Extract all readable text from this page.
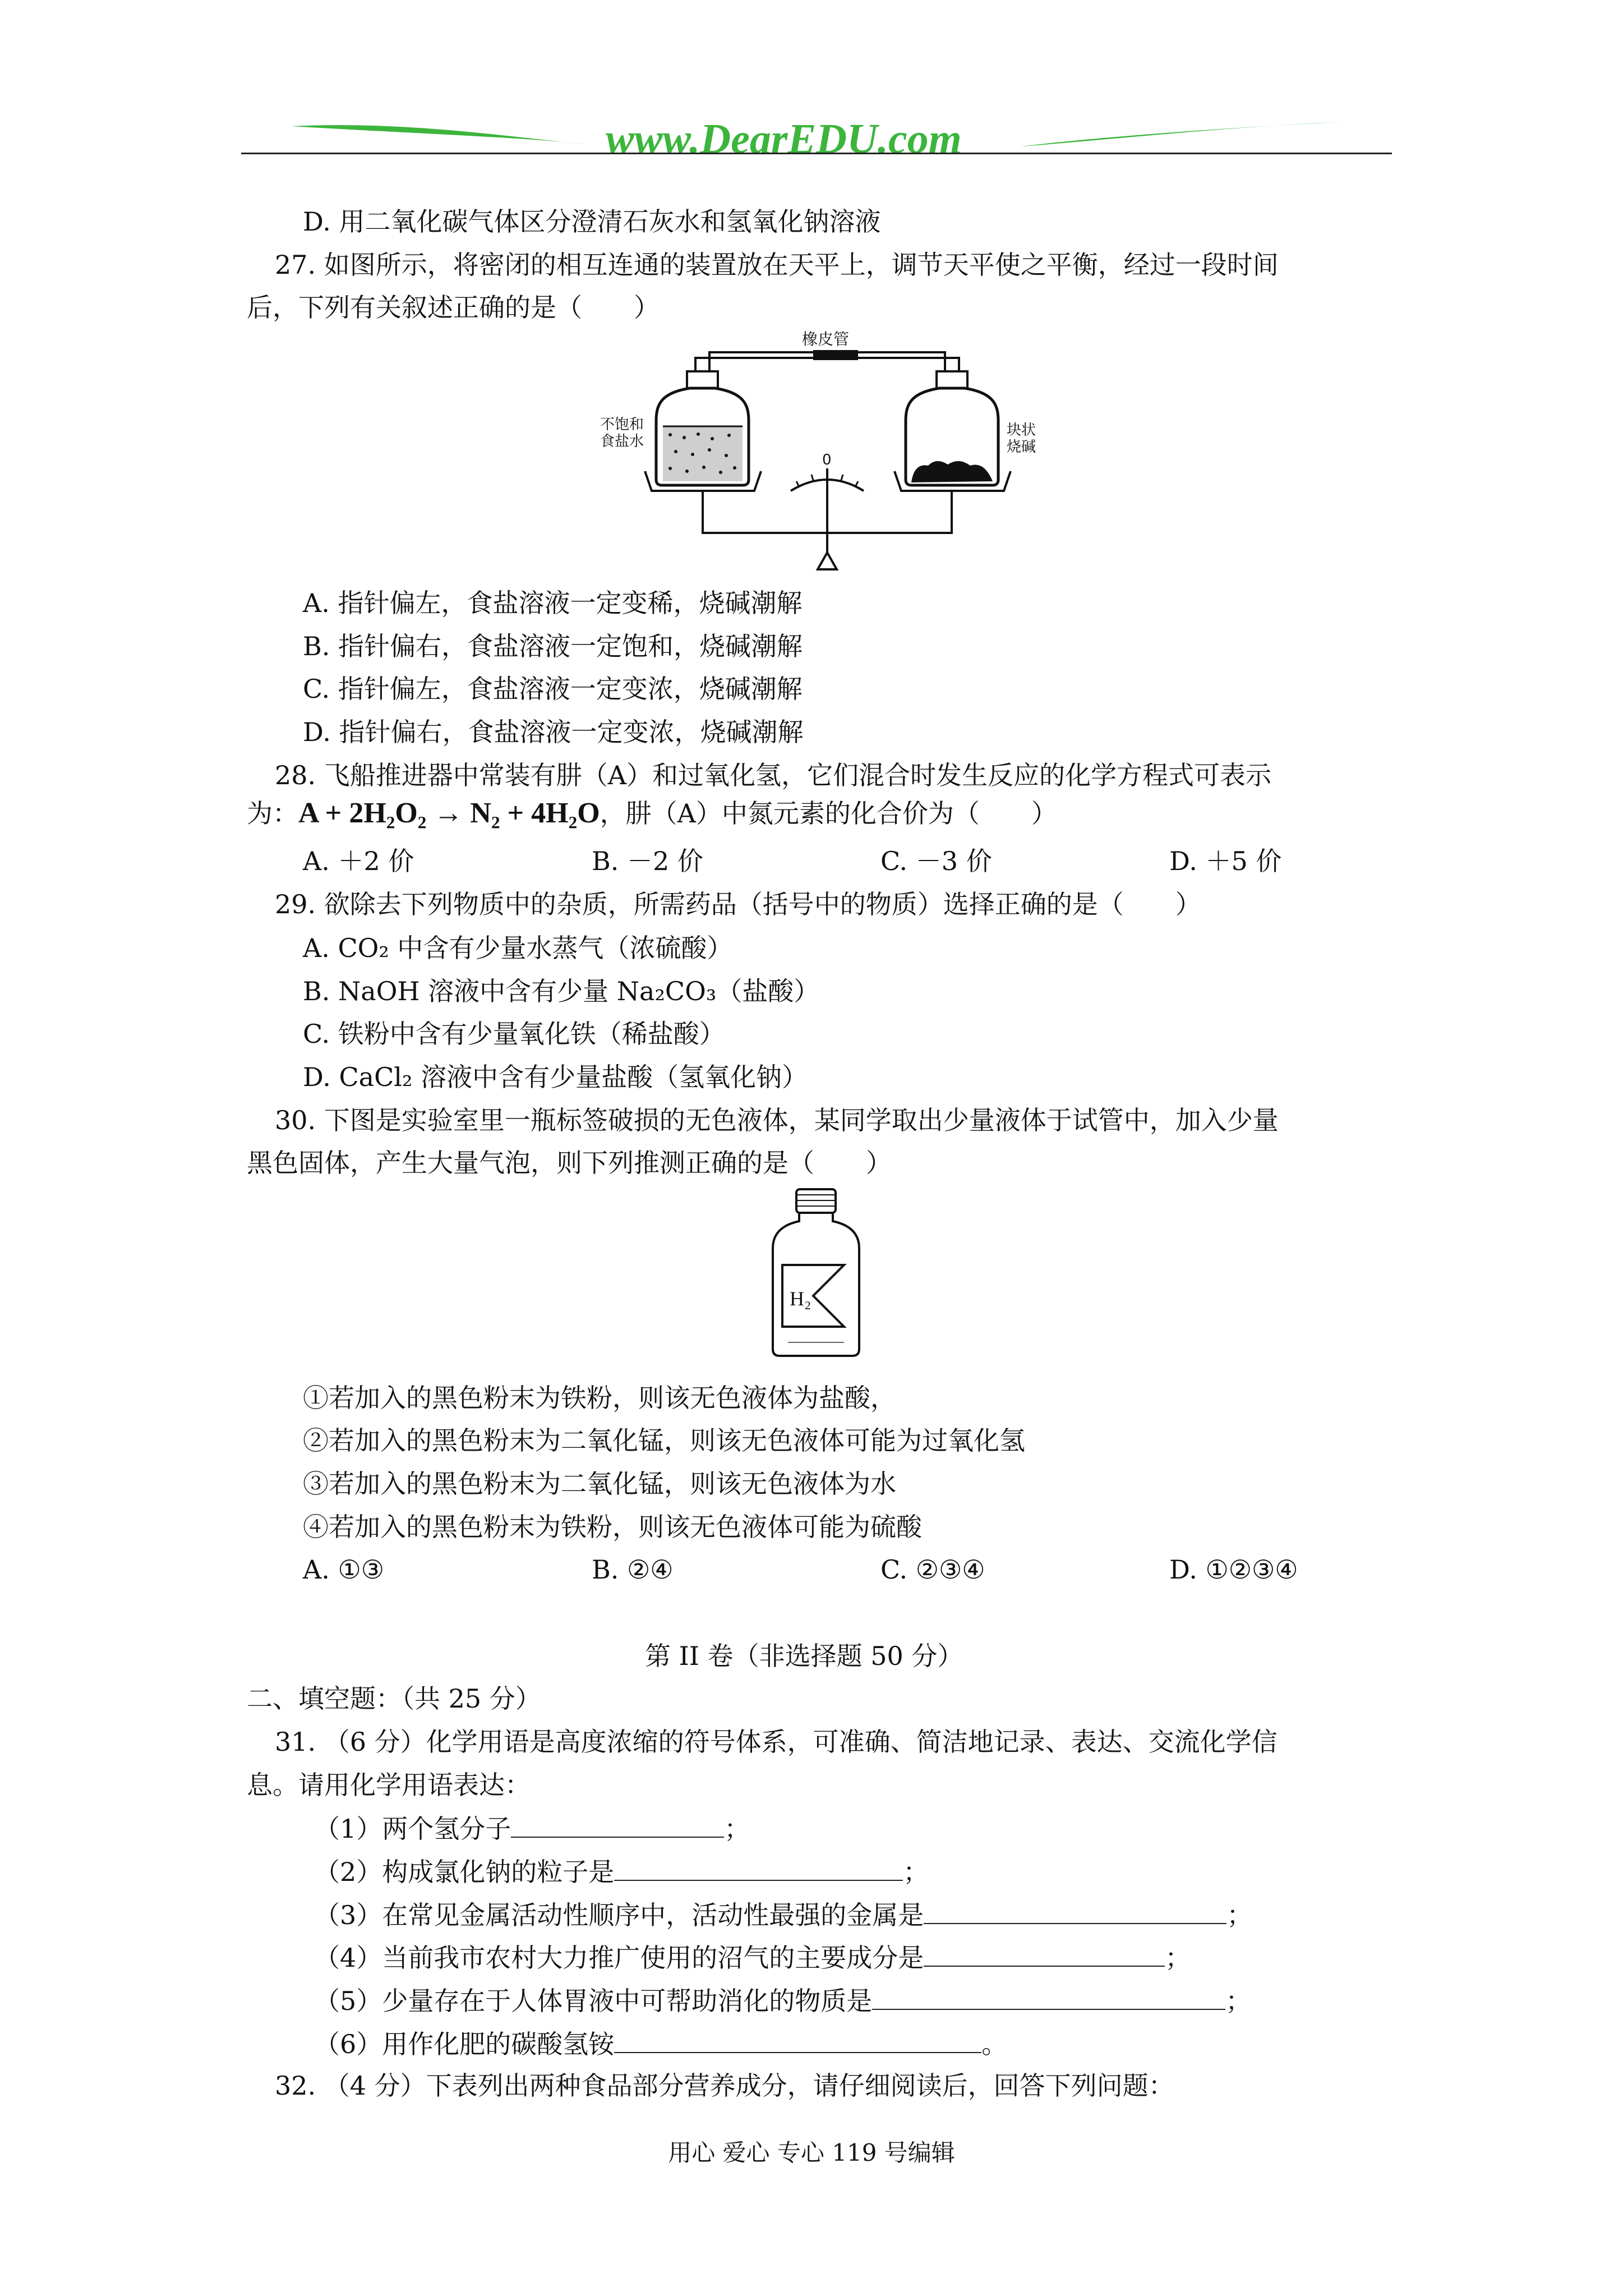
www.DearEDU.com
D. 用二氧化碳气体区分澄清石灰水和氢氧化钠溶液
27. 如图所示，将密闭的相互连通的装置放在天平上，调节天平使之平衡，经过一段时间
后，下列有关叙述正确的是（　　）
橡皮管
不饱和
食盐水
块状
烧碱
0
A. 指针偏左，食盐溶液一定变稀，烧碱潮解
B. 指针偏右，食盐溶液一定饱和，烧碱潮解
C. 指针偏左，食盐溶液一定变浓，烧碱潮解
D. 指针偏右，食盐溶液一定变浓，烧碱潮解
28. 飞船推进器中常装有肼（A）和过氧化氢，它们混合时发生反应的化学方程式可表示
为：A + 2H₂O₂ → N₂ + 4H₂O，肼（A）中氮元素的化合价为（　　）
A. ＋2 价	B. －2 价	C. －3 价	D. ＋5 价
29. 欲除去下列物质中的杂质，所需药品（括号中的物质）选择正确的是（　　）
A. CO₂ 中含有少量水蒸气（浓硫酸）
B. NaOH 溶液中含有少量 Na₂CO₃（盐酸）
C. 铁粉中含有少量氧化铁（稀盐酸）
D. CaCl₂ 溶液中含有少量盐酸（氢氧化钠）
30. 下图是实验室里一瓶标签破损的无色液体，某同学取出少量液体于试管中，加入少量
黑色固体，产生大量气泡，则下列推测正确的是（　　）
H₂
①若加入的黑色粉末为铁粉，则该无色液体为盐酸，
②若加入的黑色粉末为二氧化锰，则该无色液体可能为过氧化氢
③若加入的黑色粉末为二氧化锰，则该无色液体为水
④若加入的黑色粉末为铁粉，则该无色液体可能为硫酸
A. ①③	B. ②④	C. ②③④	D. ①②③④
第 II 卷（非选择题 50 分）
二、填空题：（共 25 分）
31. （6 分）化学用语是高度浓缩的符号体系，可准确、简洁地记录、表达、交流化学信
息。请用化学用语表达：
（1）两个氢分子	；
（2）构成氯化钠的粒子是	；
（3）在常见金属活动性顺序中，活动性最强的金属是	；
（4）当前我市农村大力推广使用的沼气的主要成分是	；
（5）少量存在于人体胃液中可帮助消化的物质是	；
（6）用作化肥的碳酸氢铵	。
32. （4 分）下表列出两种食品部分营养成分，请仔细阅读后，回答下列问题：
用心 爱心 专心 119 号编辑
